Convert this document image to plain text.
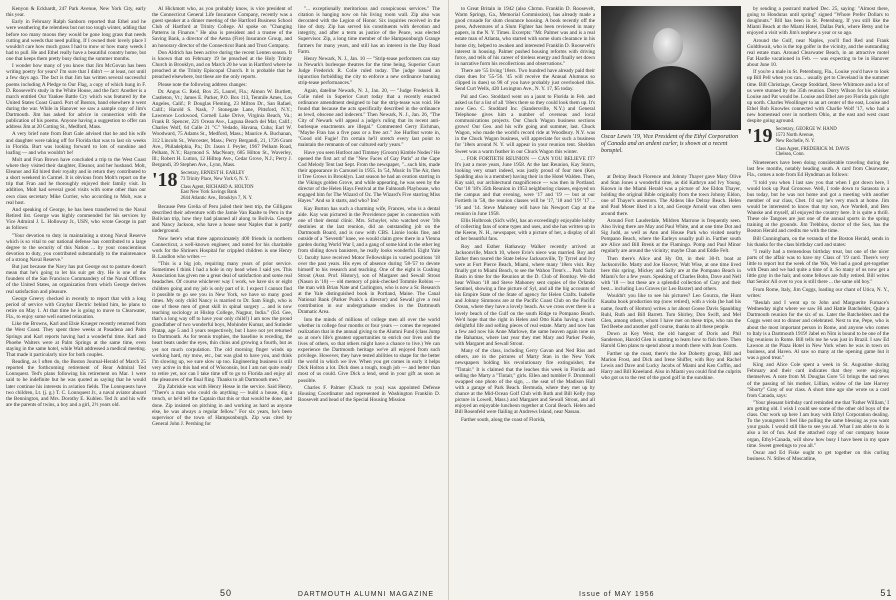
Kenyon & Eckhardt, 247 Park Avenue, New York City, early this year.

Early in February Ralph Sanborn reported that Ethel and he were weathering the relentless but not too tough winter, adding that before too many moons they would be gone long grass that needs cutting and weeds that need pulling. If I owned their lovely place I wouldn't care how much grass I had to mow or how many weeds I had to pull. He and Ethel really have a beautiful country home, but one that keeps them pretty busy during the summer months.

I wonder how many of you know that Jim McGovan has been writing poetry for years? I'm sure that I didn't — at least, not until a few days ago. The fact is that Jim has written several successful poems including A Pledge to Our Flag, a copy of which hung in F. D. Roosevelt's study in the White House, and the fact: Another is a march entitled Our Yankee Battle Cry which was featured by the United States Coast Guard. Port of Boston, band elsewhere it went during the war. While in Hanover we saw a sample copy of Jim's Dartmouth. Jim has asked for advice in connection with the publication of his poems. Anyone having a suggestion to offer can address Jim at 20 Cotting St., Medford, Mass.

A very brief note from Burt Gale advised that he and his wife and daughter were taking off for Florida that was to last six weeks in Florida. Burt was looking forward to lots of sunshine and loafing — and who wouldn't be!

Molt and Fran Brown have concluded a trip to the West Coast where they visited their daughter, Eleanor, and her husband. Molt, Eleanor and Ed hired their royalty and in return they contributed to a short weekend in Carmel. It is obvious from Molt's report on the trip that Fran and he thoroughly enjoyed their family visit. In addition, Molt had several good visits with some other than our own class secretary Mike Currier, who according to Molt, was a real host.

And speaking of George, he has been transferred to the Naval Retired list. George was highly commended for his services by Vice Admiral J. L. Holloway Jr., USN, who wrote George in part as follows:

"Your devotion to duty in maintaining a strong Naval Reserve which is so vital to our national defense has contributed to a large degree to the security of this Nation ... by your conscientious devotion to duty, you contributed substantially to the maintenance of a strong Naval Reserve."

But just because the Navy has put George out to pasture doesn't mean that he's going to let his suit get dry. He is one of the founders of the San Francisco Commandery of the Naval Officers of the United States, an organization from which George derives real satisfaction and pleasure.

George Greevy checked in recently to report that with a long period of service with Graybar Electric behind him, he plans to retire on May 1. At that time he is going to move to Clearwater, Fla., to enjoy some well earned relaxation.

Like the Browns, Karl and Elsie Krueger recently returned from the West Coast. They spent three weeks at Pasadena and Palm Springs and Karl reports having had a wonderful time. Karl and Phoebe Walters were at Palm Springs at the same time, even staying in the same hotel, while Walt addressed a medical meeting. That made it particularly nice for both couples.

Reading, as I often do, the Boston Journal-Herald of March 25 reported the forthcoming retirement of Rear Admiral Ted Lonnquest. Ted's plans following his retirement on Mar. 1 were said to be indefinite but he was quoted as saying that he would later continue his interests in aviation fields. The Lonnquests have two children, Lt. (j. g.) T. C. Lonnquest Jr., a naval aviator aboard the Bennington, and Mrs. Dorothy E. Kuhlen. Ted Jr. and his wife are the parents of twins, a boy and a girl, 2½ years old.

Al Hickmott who, as you probably know, is vice president of the Connecticut General Life Insurance Company, recently was a guest speaker at a dinner meeting of the Hartford Business School Club of Hartford at Trinity College. Al spoke on "Changing Patterns in Finance." He also is president and a trustee of the Saving Bank, a director of the Aetna (Fire) Insurance Group, and an honorary director of the Connecticut Bank and Trust Company.

Don Aldrich has been active during the recent Lenten season. It is known that on February 19 he preached at the Holy Trinity Church in Brooklyn, and on March 20 he was in Hartford where he preached at the Trinity Episcopal Church. It is probable that he preached elsewhere, but these are the only reports.

Please note the following address changes:

Dr. Angus G. Reid, Box 25, Laurel, Fla.; Almon W. Burtlett, Castleton, Vt.; James E. Parker, P.O. Box 113, Tenmile Ames, Los Angeles, Calif.; P. Douglas Fleming, 23 Milton Dr., San Rafael, Calif.; Harold S. Nash, 7 Stonegate Lane, Pittsford, N.Y.; Lawrence Lockwood, Cornell Lake Drive, Virginia Beach, Va.; Frank B. Spencer, 221 Ocean Ave., Laguna Beach del Mar, Calif.; Charles Wolf, 64 Calle 21 "C" Vedado, Havana, Cuba; Earl W. Woodward, 75 Adams St., Medford, Mass.; Maurice A. Buchanan, 312 Lincoln St., Worcester, Mass.; Perry Bergandi, 21, 1726 Grant Ave., Philadelphia, Pa.; Dr. Jason J. Peyler, 1967 Pelham Road, Pelham, N.Y.; Raymond S. MacNeary, 685 Hilton St., Waverley, Ill.; Robert H. Lutton, 12 Hilltop Ave., Cedar Grove, N.J.; Perry J. Bergandi, 39 Stephen Ave., Lynn, Mass.

'18 Secretary, ERNEST H. EARLEY
73 Trinity Place, New York 6, N. Y.
Class Agent, RICHARD A. HOLTON
East New York Savings Bank
2644 Atlantic Ave., Brooklyn 7, N. Y.

Because Pete Grelia of Peru jailed their best trip, the Gilligans described their adventure with the Jamie Van Raalte to Peru in the Bolivian trip, how they had planned all along to Bolivia. George and Nancy Jackson, who have a house near Naples that is partly underground.

Now here's what three approximately 400 friends in northern Connecticut, a well-known engineer, and noted for his charitable work for the Shriners Hospital for crippled children is one Henry B. Landlon who writes —

"This is a big job, requiring many years of prior service. Sometimes I think I had a hole in my head when I said yes. This Association has given me a great deal of satisfaction and some real headaches. Of course whichever way I work, we have six or eight children going and my job is only part of it. I expect I cannot find it possible to go see you in New York, we have so many good times. My only child Nancy is married to Dr. Sam Singh, who is one of these men of great skill in spinal surgery ... and is now teaching sociology at Hislop College, Nagpur, India." (Ed. Gee, that's a long way off to have your only child!) I am now the proud grandfather of two wonderful boys, Mohinder Kumar, and Sutinder Pratap, age 5 and 3 years respectively, but I have not yet returned to Dartmouth. As for tennis trophies, the baseline is receding, the heart beats under the eyes, thin chins and growing a fourth, but as yet not much corpulation. The old morning finger winds up working hard, my mow, etc., but was glad to have you, and think I'm slowing up, we sure slow up too. Engineering business is still very active in this bad end of Wisconsin, but I am not quite ready to retire yet, nor can I take time off to go to Florida and enjoy all the pleasures of the final fling. Thanks to all Dartmouth men."

Zip Zabriskie was with Henry Hesse in the service. Said Henry, "There's a man who could do anything — build a house, dig a trench, or he'd tell the Captain that this or that would be done, and done. Zip insisted on pitching in and working as hard as anyone else, he was always a regular fellow." For six years, he's been supervisor of the town of Hampsonburgh. Zip was cited by General John J. Pershing for

"... exceptionally meritorious and conspicuous services." The citation is hanging now on his living room wall. Zip also was decorated with the Legion of Honor. Six inquiries received in the line of duty. Zip has served his constituents with devotion and integrity, and after a term as justice of the Peace, was elected Supervisor. Zip, a long time member of the Hampsonburgh Grange farmers for many years, and still has an interest in the Day Road Farm.

Henry Newark, N. J., Jan. 10 — "Strip-tease performers can stay in Newark's burlesque theatres for the time being, Superior Court Judge Frederick R. Colie ruled today. The judge issued an injunction forbidding the city to enforce a new ordinance banning strip-tease performances."

Again, dateline Newark, N. J., Jan. 20, — "Judge Frederick R. Colie ruled in Superior Court today that a recently enacted ordinance amendment designed to bar the strip-tease was void. He found that because the acts specifically described in the ordinance as lewd, obscene and indecent." Then Newark, N. J., Jan. 26, "The City of Newark will appeal a judge's ruling that its recent anti-burlesque enactments are illegal." Commented Gerry Eichman, "Maybe Fran has a five pass or a free act." Joe Hurlbut wrote in, "Good old Fugie! I'm certain he'll stretch every last point to maintain the remnants of our cultured early years."

Have you seen Hotfoot and Timmey (Groom) Kimble Nodes? He opened the first act of the "New Faces of Gay Paris" at the Cape Cod Melody Tent last Sept. From the newspaper, "...such hits, made their appearance in Carousel in 1955. In '54, Music In The Air, then it Tree Grows in Brooklyn. Last season he had an ovation starring in the Vikings golden Grove, and while appearing, he was seen by the director of the Helen Hays Festival at the Falmouth Playhouse, who engaged him for The Wizard of Oz. The Wizard's Five starring Miss Hayes." And so it starts, and who? Ins?

Kay Burton has such a charming wife, Frances, who is a dental aide. Kay was pictured in the Providence paper in connection with one of their dental clinic. Mrs. Schuyler, who watched over '18s destinies at the last reunion, did an outstanding job on the Dartmouth Board, and is now with CBS. Lisnie looks fine, and outside of a "Seventh" knee, we would claim grew there in a Vienna garden during World War I, and a gang of some kind in the other leg from sliding down banisters, he really looks wonderful. Eight Yale U. faculty have received Motor Fellowships in varied positions '18 over the past years. His eyes of absence during '58-'57 to devote himself to his research and teaching. One of the eight is Cushing Strout (Asst. Prof. History), son of Margaret and Sewall Strout (Nason in '18) — old memory of pink-checked Tommie Robins — the man with Brian Nate and Carlington, who is now a Sr. Research at the Yale distinguished book in Portland, Maine. The Canal National Bank (Parker Punk's a director) and Sewall give a real contribution in our undergraduate studies in the Dartmouth Dramatic Area.

Into the minds of millions of college men all over the world whether in college four months or four years — comes the repeated realization that in the annual giving to the Alumni Fund (class Jump so at one's life's greatest opportunities to enrich our lives and the lives of others, so that others might have a chance to live.) We can experience the Dartmouth heritage we've all enjoyed from such privilege. However, they have tested abilities to shape for the better the world in which we live. When you get comes in early it helps Dick Holton a lot. Dick does a tough, tough job — and better than most of us could. Give Dick a lend, send in your gift as soon as possible.

Charles F. Palmer (Chuck to you) was appointed Defense Housing Coordinator and represented in Washington Franklin D. Roosevelt and head of the Special Housing Mission

50	DARTMOUTH ALUMNI MAGAZINE

to Great Britain in 1942 (also Chrmn. Franklin D. Roosevelt, Warm Springs, Ga., Memorial Commission), has already made a good crusade for slum clearance housing. A book recently off the press, Adventures of a Slum Fighter has been reviewed in many papers, in the N. Y. Times. Excerpts: "Mr. Palmer was and is a real estate man of Atlanta, who started with some slum clearance in his home city, helped to awaken and interested Franklin D. Roosevelt's interest in housing. Palmer pushed housing reforms with driving force, and tells of his career of tireless energy and finally set down in narrative form his recollections and observations."

There are '55 living '18ers. Two hundred have already paid their class dues for '55-'56. '45 will receive the Annual Alumnus so clipped in dues) so 98 of you have probably just overlooked this. Send Curt Wells, 420 Lexington Ave., N. Y. 17, $5 today.

Pal and Geo. Stoddard went on a jaunt to Florida in Feb. and asked us for a list of all '18ers there so they could look them up. It's now Geo. C. Stoddard Inc. (Sandersville, N.Y.) and General Telephone gives him a number of overseas and local communications projects. Our Chuck Wagon business sections grows! Our Geo. and his wife going and summer, last. Chuck Wagon, who made the world's record ride at Woodbury. N.Y. was in the Chuck Wagon business, will appreciate for such a business for '18ers around N. Y. will appear in your reunion tent. Sheldon Sweet was a warm feather in our Chuck Wagon this winter.

... FOR FORTIETH REUNION — CAN YOU BELIEVE IT? It's just a more years, June 1958. At the last Reunion, Kay Storrs, looking very smart indeed, was justly proud of four men (Ken Spalding also is a member) having their in the Hotel Walden. Then, Kay said, our architectural magnificence — was then in Portland. Our '18 '18's 35th Reunion in 1953 neighboring classes, enjoyed on the campus and that evening, were '17 and '19 — but at our Fortieth in '58, the reunion classes will be '17, '18 and '19! '17 ... '16 and '14. Steve Mahoney will have his Newport Cup at the reunion in June 1958.

Ellis Holbrook (Sid's wife), has an exceedingly enjoyable hobby of collecting fans of some types and uses, and she has written up in the Keene, N. H., newspaper, with a picture of her, a display of all of her beautiful fans.

Roy and Esther Hathaway Walker recently arrived at Jacksonville, March 10, where Evie's niece was married. Roy and Esther then toured the State below Jacksonville, Ty Tyrrel and Ivy were at Fort Pierce Beach, Miami, where many '18ers visit. Roy finally got to Miami Beach, to see the Wahoo Trent's ... Park Yacht Basin in time for the Reunion at the D. Club of Bombay. We did hear Wilson '18 and Steve Mahoney sent copies of the Orlando Sentinel, showing a fine picture of Syl, and all the big accounts of his Empire State of the State of agency for Helen Crafts. Isabelle and Johnny Simmons are at the Pacific Coast Club on the Pacific Ocean, where they have a lovely beach. As we cross over there is a lovely beach of the Gulf on the south Ridge to Pompano Beach. We'd hope that the right in Helen and Otto Kahn having a most delightful life and selling pieces of real estate. Marty and now has a few and now his Anne Marlowe, the same heaven again tone on the Bahamas, where last year they met Mary and Parker Poole, with Margaret and Sewall Strout.

Many of the class, including Gerry Gavan and Ned Riss and others, are in the pictures of Marty Stan in the New York newspapers holding his revolutionary fire extinguisher, the "Tintair." It is claimed that the leaches this week in Florida and selling the Marty a "Tintair," girls. Ellen and tumbler F. Drummoll swapped one photo of the sign, ... the seat of the Madison Hall with a garage of Park Beach. Bermuda, where they met up by chance at the Mid-Ocean Golf Club with Ruth and Bill Kelly (top picture in Lowell, Mass.) and Margaret and Sewall Strout, and all enjoyed an enjoyable luncheon together at Coral Beach. Helen and Bill Rosenfeld were flailing at Andrews Island, near Nassau.

Farther south, along the coast of Florida,

at Delray Beach Florence and Johnny Thayer gave Mary Olive and Stan Jones a wonderful time, as did Kathryn and Ivy Young. Known in the Miami Herald was a picture of Joe Eldon Thayer, holding the original Bible originally from the town Johnny Eldon, one of Thayer's ancestors. The Aldens like Delray Beach. Helen and Paul Moser liked it a lot, and George Arnold was often seen around there.

Around Fort Lauderdale, Mildren Marrone is frequently seen. Also living there are May and Paul White, and at one time Dot and Sig Judd, as well as Ann and House Park who visited nearby Pompano Beach, where the Earleys usually pull in. Farther south are Alice and Bill Brenk at the Flamingo. Pomp and Paul Minor regularly are around the vicinity; maybe Chan and Eddie Felt.

Then there's Alice and Hy Ott, in their 30-ft. boat at Jacksonville. Marty and Joe Hoover, Walt Wise, at one time lived here this spring. Mickey and Sally are at the Pompano Beach in Miami's for a few years. Speaking of Charles Bohn, Dave and Nell with '18 — but these are a splendid collection of Cary and their best... including Lou Graves (or Leo Baxter) and others.

Wouldn't you like to see his pictures? Leo Gourzu, the Hunt Kasaba book production top (now retired), with a viola (he had his name, fourth of Horton) writes a lot about Goose Davis Spaulding Ruhl, Ruth and Bill Barrett. Tom Shirley, Don Swift, and Mel Glen, among others, whom I have met on these trips, who ran the Ted Beebe and another golf course, thanks to all these people.

Down at Key West, the old hangout of Doris and Phil Sanderson, Harold Glen is starting to learn how to fish there. Then Harold Glen plans to spend about a month there with Jean Coutts.

Farther up the coast, there's the Joe Doherty group, Bill and Marion Frost, and Dick and Irene Shiffer, with Roy and Rachel Lewis and Dave and Lucky Jacobs of Miami and Ken Coffin, and Harry and Bill Kneeland. Also in Miami you could find the culprits who got us to the rest of the good golf in the sunshine.

Oscar Lewis '19, Vice President of the Ethyl Corporation of Canada and an ardent curler, is shown at a recent bonspiel.

by sending a postcard marked Dec. 25, saying: "Almost there, going to Honduras until spring" signed "Whore Prefer Dollars to doughnuts." Bill has been in St. Petersburg. If you still like the Miami Beach at the Miami Hotel, Dallas Park, where Betsy and he enjoyed a visit with Jim's nephew a year or so ago.

Around the Gulf, near Naples, you'll find Red and Frank Goldthwait, who is the top golfer in the vicinity, and the outstanding real estate man. Around Clearwater Beach, in an attractive motel Fat Hardie vacationed in Feb. — was expecting to be in Hanover about June 10.

If you're a male in St. Petersburg, Fla., Louise you'd have to look up Bill Pell when you can.... usually get to Cleveland in the summer time. Bill Christiage, George Stoddard, Steve Whitmore and a lot of us were stunned by the 35th reunion. Dorry Wilson for his whisker Louise and Pat would be. Louise and Ethel are pro Florida gals right up north. Charles Woollinger to an art center of the east, Louise and Ethel Bob Knowles connected with Charlie Wolf '17, who had a new homestead over in northern Ohio, at the east and west coast despite going aground.

'19 Secretary, GEORGE W. HAND
1573 North Avenue,
New Rochelle, N. Y.
Class Agent, FREDERICK M. DAVIS
Chelsea, Conn.

Nineteeners have been doing considerable traveling during the last few months, notably heading south. A card from Clearwater, Fla., comes a note from Ed Hyndman as follows:

"I told you when I last saw you that when I got down here, I would look up Paul Gronowe. Well, I rode down to Sarasota in a bus today, but he was not home and got a meeting with another member of our class, Chet. I'd say he's very much at home. Jim would be interested to know that my son, Ace Wardell, and Ben Wanske and myself, all enjoyed the country here. It is quite a thrill. These ole Tangoes are just one of the annual sports in the spring training at the grounds. Jim Trebbins, doctor of the Sox, has the Boston Herald and credits me with the time.

Bill Cunningham, on the veranda of the Boston Herald, sends in his thanks for the class birthday card and states:

"I really had a tremendous birthday treat, but one of the nicer parts of the affair was to have my Class of '19 card. There's very little to report but the week of the '60s, We had a good get-together with Dean and we had quite a time of it. So many of us now get a little gray in the hair, and some fellows are fully retired. Bill writes that Senior All over to you is still there ... the same old boy."

From Rome, Italy, Jim Coggs, loading our chant of Utica, N. Y., writes:

"Beulah and I went up to John and Marguerite Furnace's Wednesday night where we saw Hi and Hattie Batchelder, Quite a Dartmouth reunion for the six of us. Later the Batchelders and the Coggs went out to dinner and celebrated. Next to me, Pepe, who is about the most important person in Rome, and anyone who comes to Italy is a Dartmouth 1919! Jabel en Nim is bound to be one of the big reunions in Rome. Bill tells me he was just in Brazil. I saw Ed Lawson at the Plaza Hotel in New York when he was in town on business, and Haven. Al saw so many at the opening game but it was a good treat."

King and Alice Cole spent a week in St. Augustine during February and their card indicates that they were enjoying themselves. A note from M. Douglas Gore '51 brings the sad news of the passing of his mother, Lillian, widow of the late Harvey "Shorty" Gray of our class. A short time ago she wrote us a card from Canada, says:

"Your pleasant birthday card reminded me that 'Father William,' I am getting old. I wish I could see some of the other old boys of the class. Our work up here I am busy with Ethyl Corporation dealing. To the youngsters I feel like pulling the same blessing as you want your goals. I would still like to see you all. What I am able to do is also a lot of fun. And the attached copy of our company house organ, Ethyl-Canada, will show how busy I have been in my spare time. Sweet greetings to you all."

Oscar and Ed Fiske ought to get together on this curling business. N. Stiles of Moscatline,

Issue of MAY 1956	51
